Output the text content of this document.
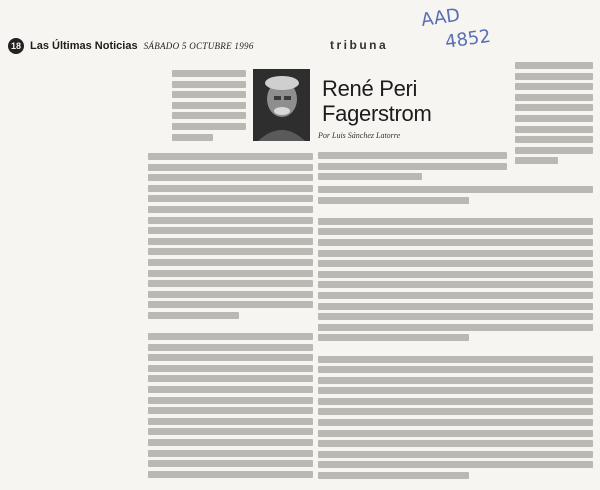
18 Las Últimas Noticias SÁBADO 5 OCTUBRE 1996	tribuna
AAD
4852
René Peri
Fagerstrom
Por Luis Sánchez Latorre
